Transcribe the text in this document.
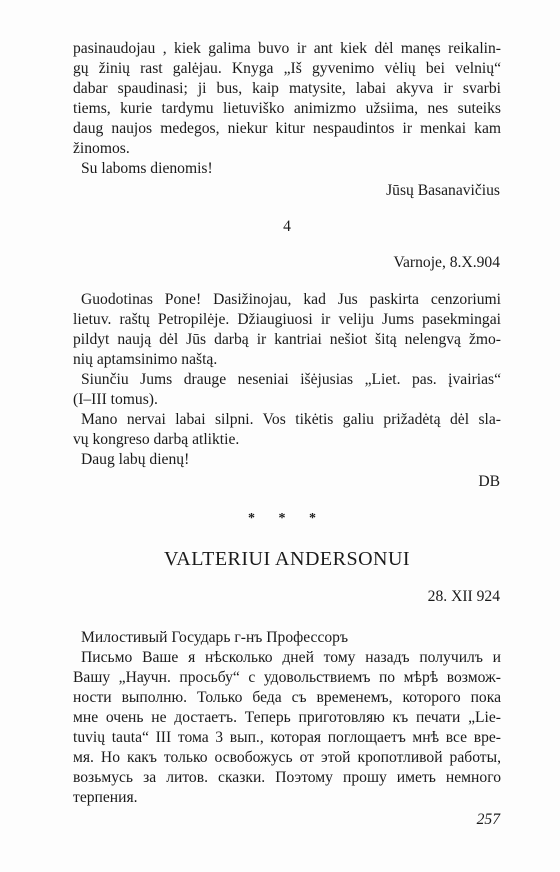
pasinaudojau , kiek galima buvo ir ant kiek dėl manęs reikalin-
gų žinių rast galėjau. Knyga „Iš gyvenimo vėlių bei velnių“
dabar spaudinasi; ji bus, kaip matysite, labai akyva ir svarbi
tiems, kurie tardymu lietuviško animizmo užsiima, nes suteiks
daug naujos medegos, niekur kitur nespaudintos ir menkai kam
žinomos.
Su laboms dienomis!
Jūsų Basanavičius
4
Varnoje, 8.X.904
Guodotinas Pone! Dasižinojau, kad Jus paskirta cenzoriumi
lietuv. raštų Petropilėje. Džiaugiuosi ir veliju Jums pasekmingai
pildyt naują dėl Jūs darbą ir kantriai nešiot šitą nelengvą žmo-
nių aptamsinimo naštą.
Siunčiu Jums drauge neseniai išėjusias „Liet. pas. įvairias“
(I–III tomus).
Mano nervai labai silpni. Vos tikėtis galiu prižadėtą dėl sla-
vų kongreso darbą atliktie.
Daug labų dienų!
DB
* * *
VALTERIUI ANDERSONUI
28. XII 924
Милостивый Государь г-нъ Профессоръ
Письмо Ваше я нѣсколько дней тому назадъ получилъ и
Вашу „Научн. просьбу“ с удовольствиемъ по мѣрѣ возмож-
ности выполню. Только беда съ временемъ, которого пока
мне очень не достаетъ. Теперь приготовляю къ печати „Lie-
tuvių tauta“ III тома 3 вып., которая поглощаетъ мнѣ все вре-
мя. Но какъ только освобожусь от этой кропотливой работы,
возьмусь за литов. сказки. Поэтому прошу иметь немного
терпения.
257
